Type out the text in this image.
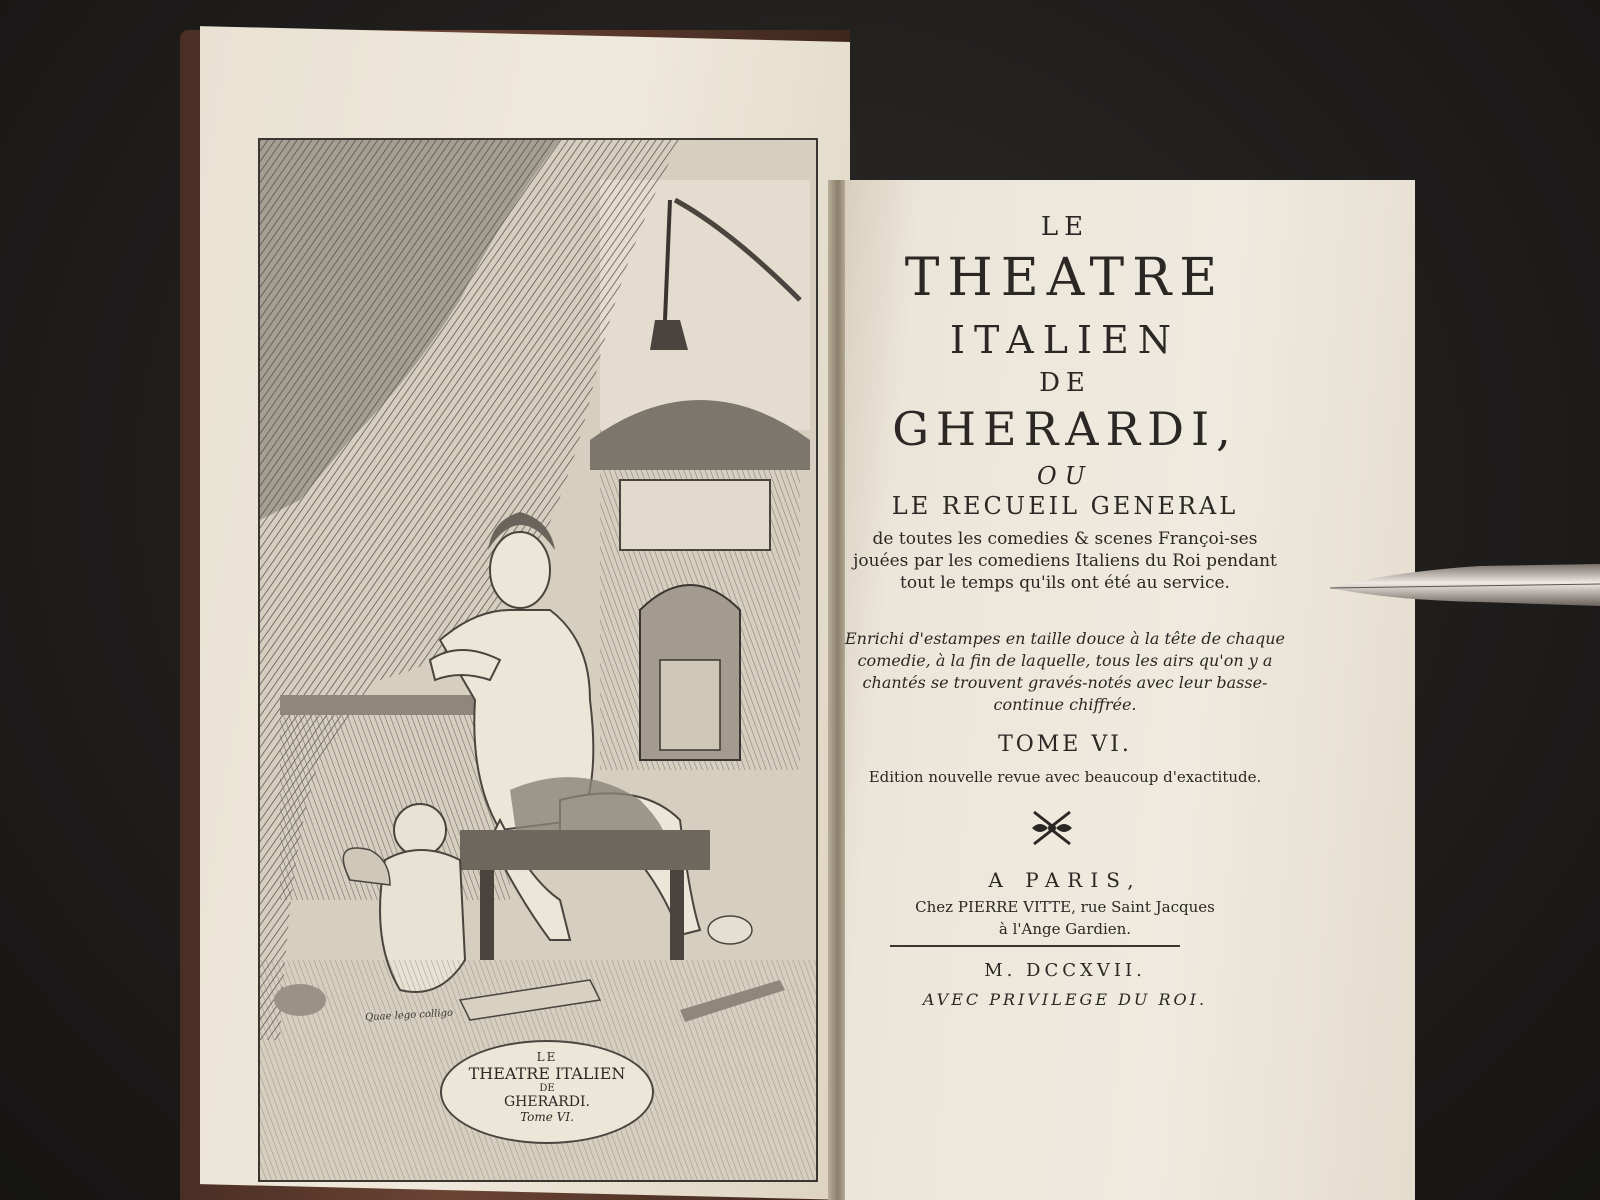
Quae lego colligo
LE
THEATRE ITALIEN
DE
GHERARDI.
Tome VI.
LE
THEATRE
ITALIEN
DE
GHERARDI,
OU
LE RECUEIL GENERAL
de toutes les comedies & scenes Françoi-ses jouées par les comediens Italiens du Roi pendant tout le temps qu'ils ont été au service.
Enrichi d'estampes en taille douce à la tête de chaque comedie, à la fin de laquelle, tous les airs qu'on y a chantés se trouvent gravés-notés avec leur basse-continue chiffrée.
TOME VI.
Edition nouvelle revue avec beaucoup d'exactitude.
A PARIS,
Chez PIERRE VITTE, rue Saint Jacques
à l'Ange Gardien.
M. DCCXVII.
AVEC PRIVILEGE DU ROI.
